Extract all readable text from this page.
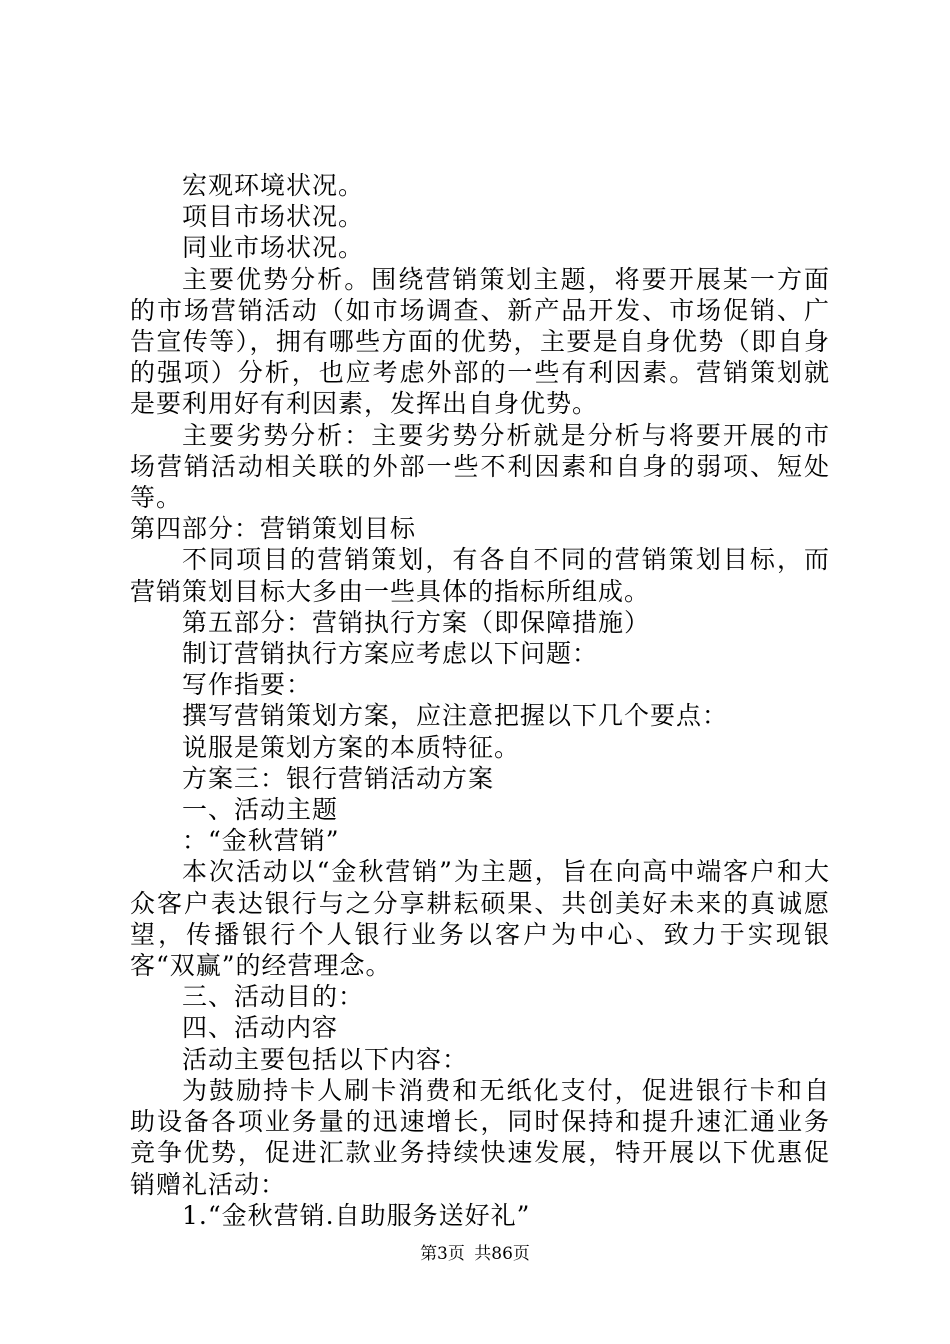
宏观环境状况。

项目市场状况。

同业市场状况。

主要优势分析。围绕营销策划主题，将要开展某一方面的市场营销活动（如市场调查、新产品开发、市场促销、广告宣传等），拥有哪些方面的优势，主要是自身优势（即自身的强项）分析，也应考虑外部的一些有利因素。营销策划就是要利用好有利因素，发挥出自身优势。

主要劣势分析：主要劣势分析就是分析与将要开展的市场营销活动相关联的外部一些不利因素和自身的弱项、短处等。

第四部分：营销策划目标

不同项目的营销策划，有各自不同的营销策划目标，而营销策划目标大多由一些具体的指标所组成。

第五部分：营销执行方案（即保障措施）

制订营销执行方案应考虑以下问题：

写作指要：

撰写营销策划方案，应注意把握以下几个要点：

说服是策划方案的本质特征。

方案三：银行营销活动方案

一、活动主题

：“金秋营销”

本次活动以“金秋营销”为主题，旨在向高中端客户和大众客户表达银行与之分享耕耘硕果、共创美好未来的真诚愿望，传播银行个人银行业务以客户为中心、致力于实现银客“双赢”的经营理念。

三、活动目的：

四、活动内容

活动主要包括以下内容：

为鼓励持卡人刷卡消费和无纸化支付，促进银行卡和自助设备各项业务量的迅速增长，同时保持和提升速汇通业务竞争优势，促进汇款业务持续快速发展，特开展以下优惠促销赠礼活动：

1.“金秋营销.自助服务送好礼”

第3页 共86页
